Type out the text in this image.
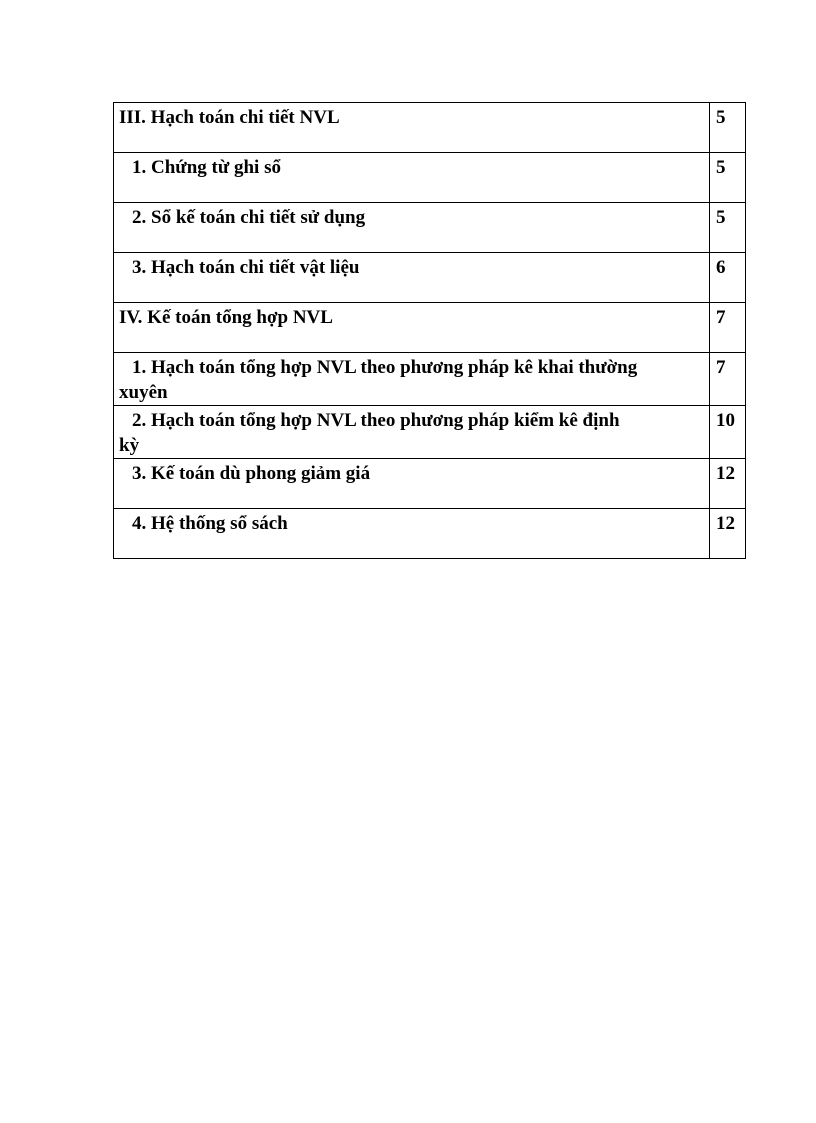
III. Hạch toán chi tiết NVL	5
1. Chứng từ ghi sổ	5
2. Sổ kế toán chi tiết sử dụng	5
3. Hạch toán chi tiết vật liệu	6
IV. Kế toán tổng hợp NVL	7

1. Hạch toán tổng hợp NVL theo phương pháp kê khai thường
xuyên	7

2. Hạch toán tổng hợp NVL theo phương pháp kiểm kê định
kỳ	10
3. Kế toán dù phong giảm giá	12
4. Hệ thống sổ sách	12
